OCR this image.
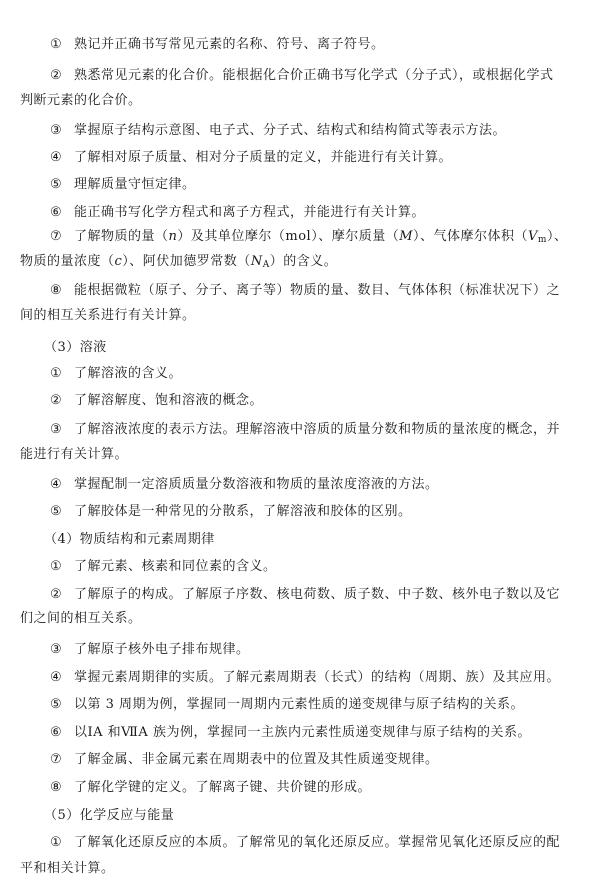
① 熟记并正确书写常见元素的名称、符号、离子符号。
② 熟悉常见元素的化合价。能根据化合价正确书写化学式（分子式），或根据化学式
判断元素的化合价。
③ 掌握原子结构示意图、电子式、分子式、结构式和结构简式等表示方法。
④ 了解相对原子质量、相对分子质量的定义，并能进行有关计算。
⑤ 理解质量守恒定律。
⑥ 能正确书写化学方程式和离子方程式，并能进行有关计算。
⑦ 了解物质的量（n）及其单位摩尔（mol）、摩尔质量（M）、气体摩尔体积$(V_m)$、
物质的量浓度（c）、阿伏加德罗常数$(N_A)$的含义。
⑧ 能根据微粒（原子、分子、离子等）物质的量、数目、气体体积（标准状况下）之
间的相互关系进行有关计算。
（3）溶液
① 了解溶液的含义。
② 了解溶解度、饱和溶液的概念。
③ 了解溶液浓度的表示方法。理解溶液中溶质的质量分数和物质的量浓度的概念，并
能进行有关计算。
④ 掌握配制一定溶质质量分数溶液和物质的量浓度溶液的方法。
⑤ 了解胶体是一种常见的分散系，了解溶液和胶体的区别。
（4）物质结构和元素周期律
① 了解元素、核素和同位素的含义。
② 了解原子的构成。了解原子序数、核电荷数、质子数、中子数、核外电子数以及它
们之间的相互关系。
③ 了解原子核外电子排布规律。
④ 掌握元素周期律的实质。了解元素周期表（长式）的结构（周期、族）及其应用。
⑤ 以第 3 周期为例，掌握同一周期内元素性质的递变规律与原子结构的关系。
⑥ 以ⅠA 和ⅦA 族为例，掌握同一主族内元素性质递变规律与原子结构的关系。
⑦ 了解金属、非金属元素在周期表中的位置及其性质递变规律。
⑧ 了解化学键的定义。了解离子键、共价键的形成。
（5）化学反应与能量
① 了解氧化还原反应的本质。了解常见的氧化还原反应。掌握常见氧化还原反应的配
平和相关计算。
